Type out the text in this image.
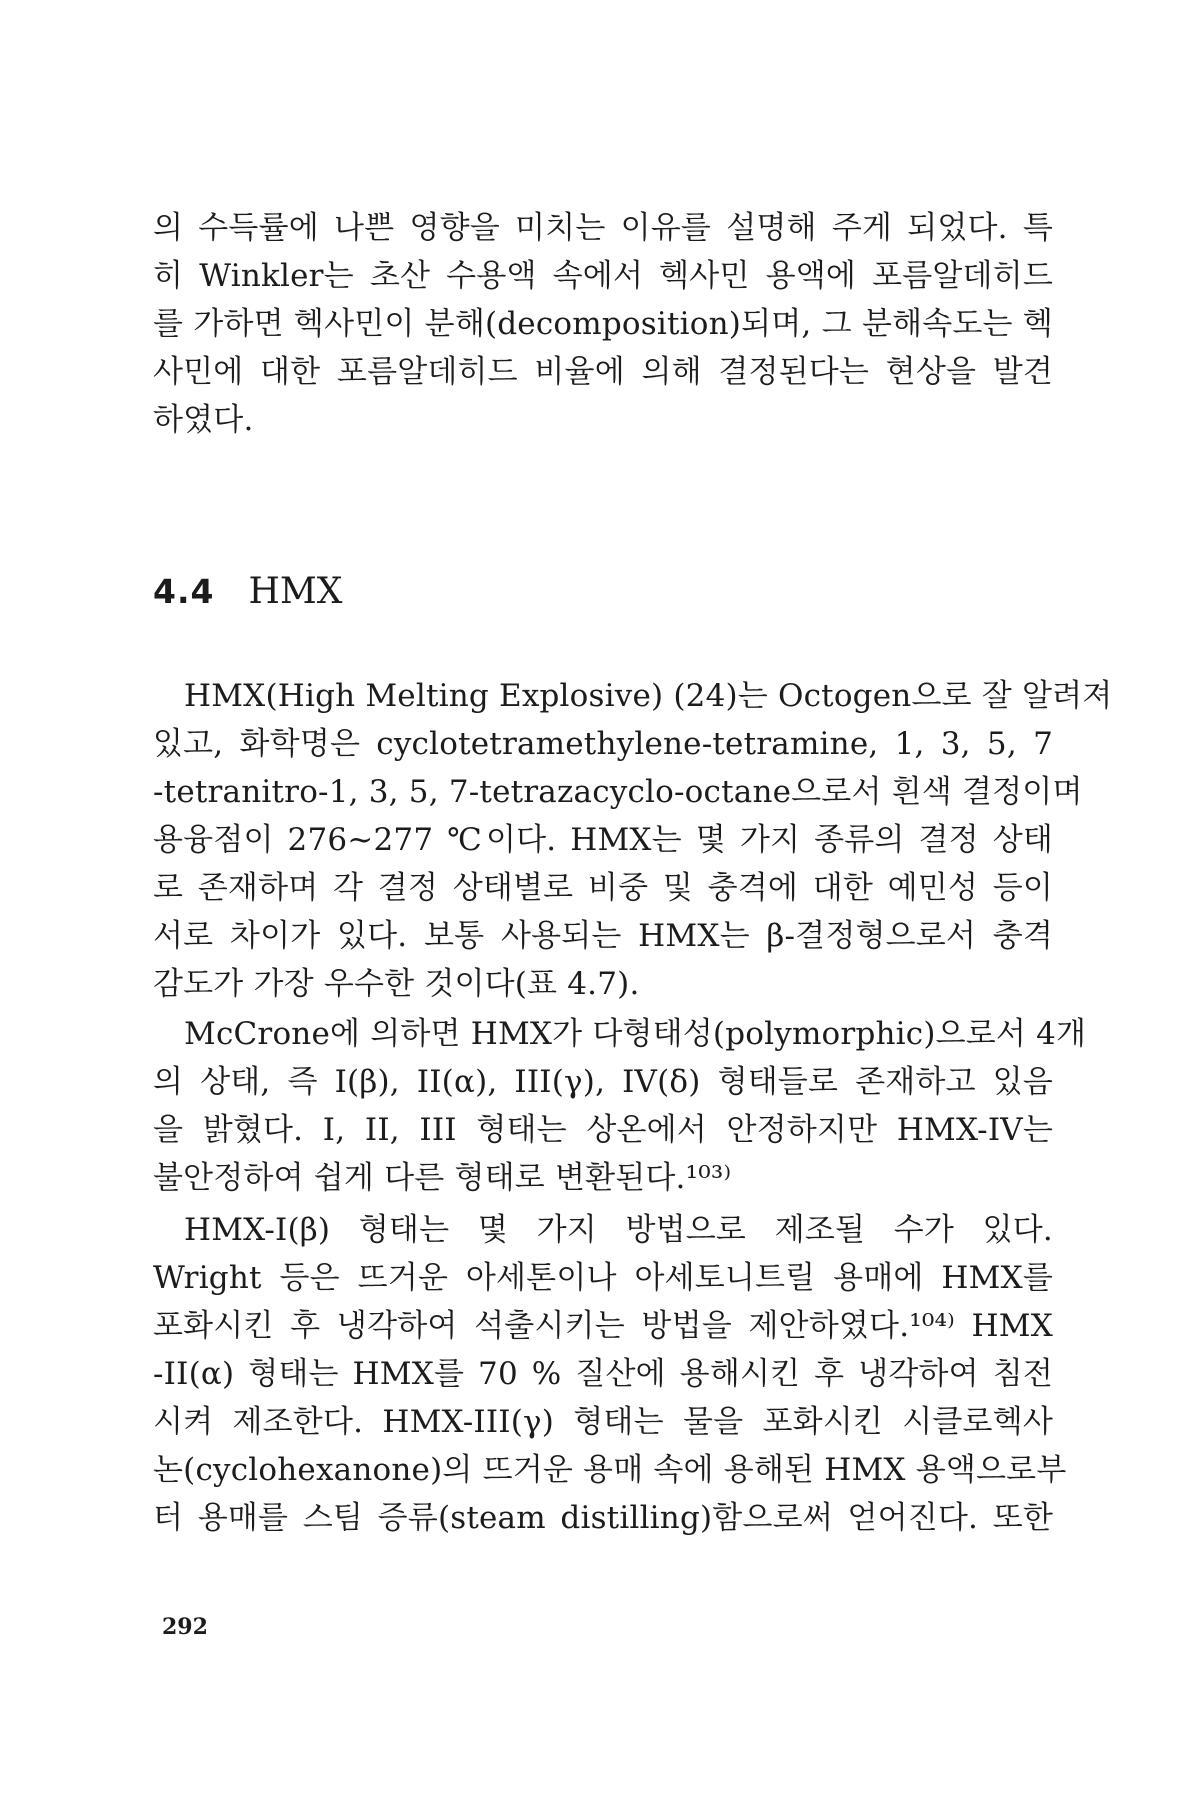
의 수득률에 나쁜 영향을 미치는 이유를 설명해 주게 되었다. 특
히 Winkler는 초산 수용액 속에서 헥사민 용액에 포름알데히드
를 가하면 헥사민이 분해(decomposition)되며, 그 분해속도는 헥
사민에 대한 포름알데히드 비율에 의해 결정된다는 현상을 발견
하였다.
4.4 HMX
HMX(High Melting Explosive) (24)는 Octogen으로 잘 알려져
있고, 화학명은 cyclotetramethylene-tetramine, 1, 3, 5, 7
-tetranitro-1, 3, 5, 7-tetrazacyclo-octane으로서 흰색 결정이며
용융점이 276~277 ℃이다. HMX는 몇 가지 종류의 결정 상태
로 존재하며 각 결정 상태별로 비중 및 충격에 대한 예민성 등이
서로 차이가 있다. 보통 사용되는 HMX는 β-결정형으로서 충격
감도가 가장 우수한 것이다(표 4.7).
McCrone에 의하면 HMX가 다형태성(polymorphic)으로서 4개
의 상태, 즉 I(β), II(α), III(γ), IV(δ) 형태들로 존재하고 있음
을 밝혔다. I, II, III 형태는 상온에서 안정하지만 HMX-IV는
불안정하여 쉽게 다른 형태로 변환된다.¹⁰³⁾
HMX-I(β) 형태는 몇 가지 방법으로 제조될 수가 있다.
Wright 등은 뜨거운 아세톤이나 아세토니트릴 용매에 HMX를
포화시킨 후 냉각하여 석출시키는 방법을 제안하였다.¹⁰⁴⁾ HMX
-II(α) 형태는 HMX를 70 % 질산에 용해시킨 후 냉각하여 침전
시켜 제조한다. HMX-III(γ) 형태는 물을 포화시킨 시클로헥사
논(cyclohexanone)의 뜨거운 용매 속에 용해된 HMX 용액으로부
터 용매를 스팀 증류(steam distilling)함으로써 얻어진다. 또한
292
